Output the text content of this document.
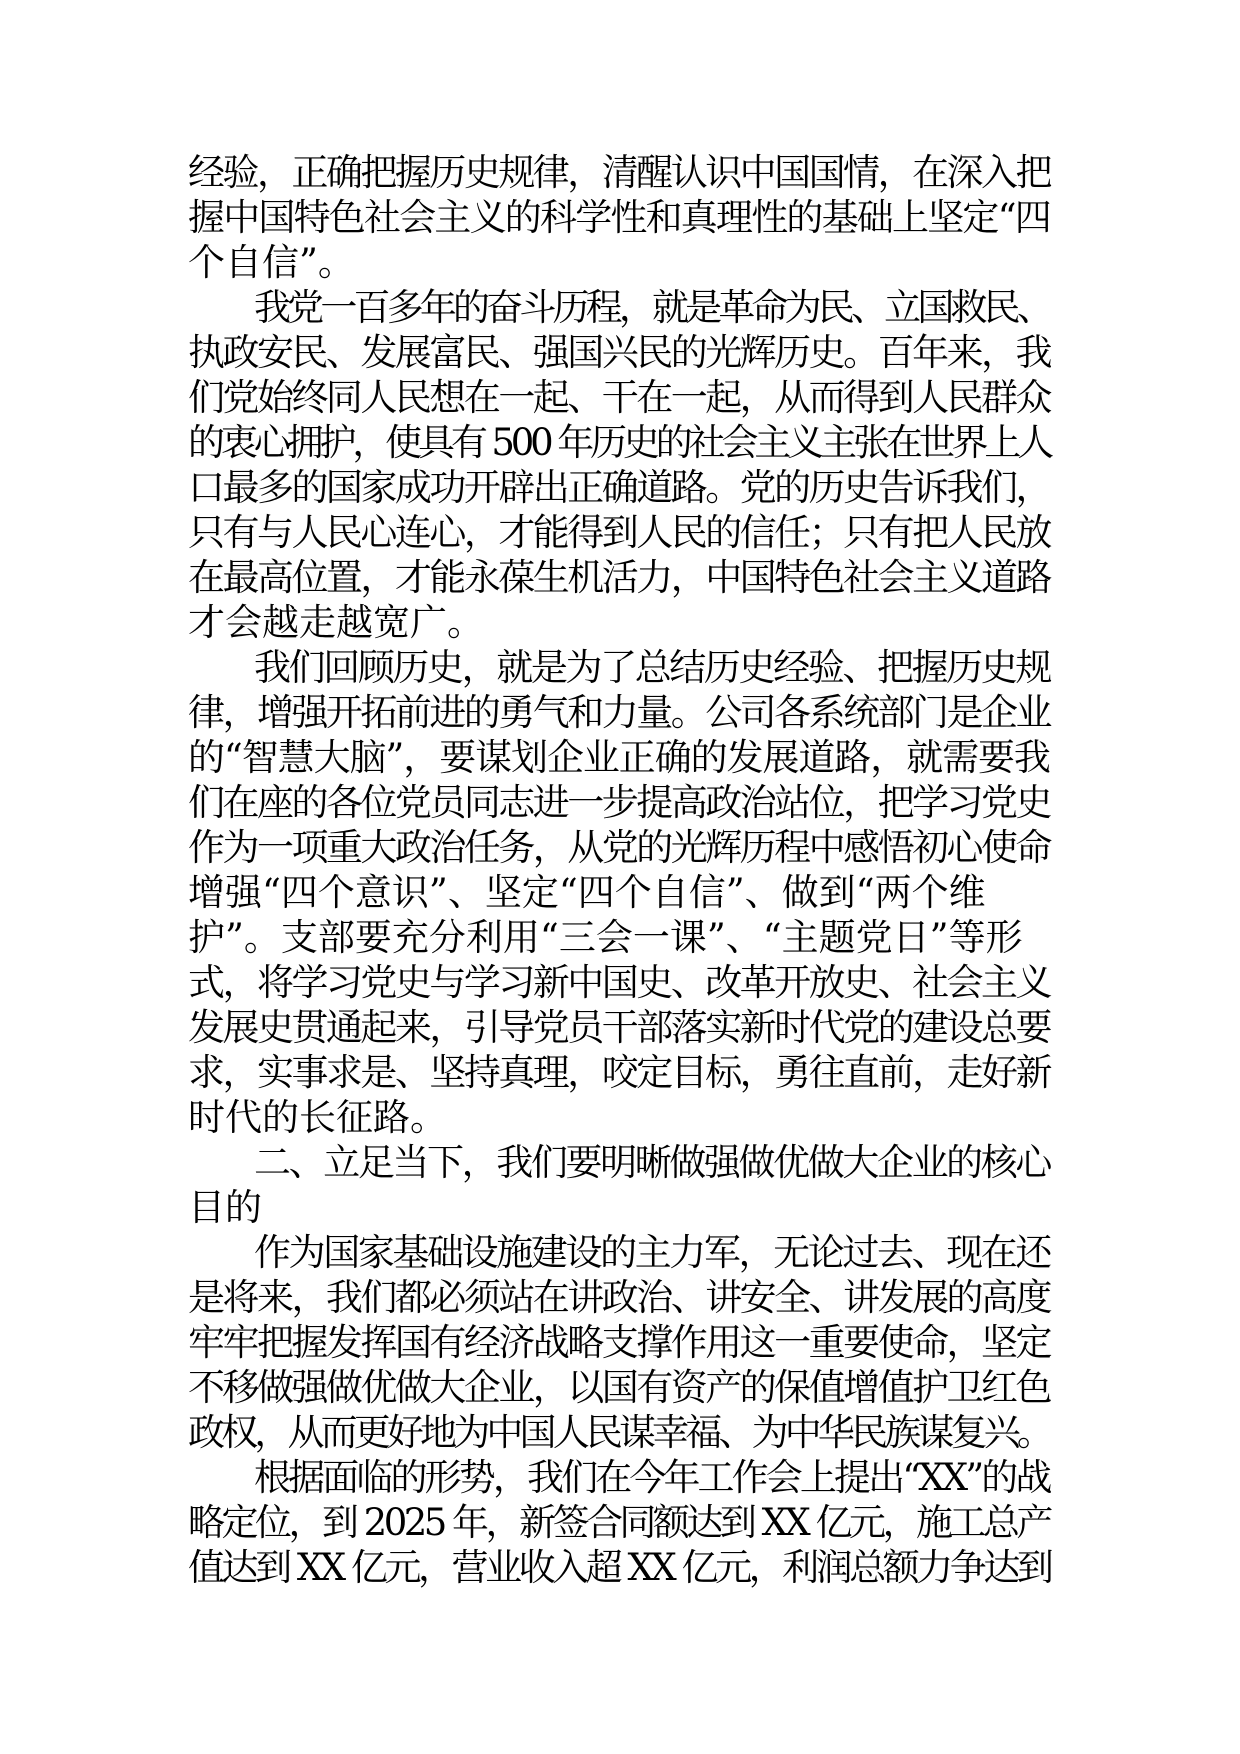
经验，正确把握历史规律，清醒认识中国国情，在深入把
握中国特色社会主义的科学性和真理性的基础上坚定“四
个自信”。
我党一百多年的奋斗历程，就是革命为民、立国救民、
执政安民、发展富民、强国兴民的光辉历史。百年来，我
们党始终同人民想在一起、干在一起，从而得到人民群众
的衷心拥护，使具有 500 年历史的社会主义主张在世界上人
口最多的国家成功开辟出正确道路。党的历史告诉我们，
只有与人民心连心，才能得到人民的信任；只有把人民放
在最高位置，才能永葆生机活力，中国特色社会主义道路
才会越走越宽广。
我们回顾历史，就是为了总结历史经验、把握历史规
律，增强开拓前进的勇气和力量。公司各系统部门是企业
的“智慧大脑”，要谋划企业正确的发展道路，就需要我
们在座的各位党员同志进一步提高政治站位，把学习党史
作为一项重大政治任务，从党的光辉历程中感悟初心使命
增强“四个意识”、坚定“四个自信”、做到“两个维
护”。支部要充分利用“三会一课”、“主题党日”等形
式，将学习党史与学习新中国史、改革开放史、社会主义
发展史贯通起来，引导党员干部落实新时代党的建设总要
求，实事求是、坚持真理，咬定目标，勇往直前，走好新
时代的长征路。
二、立足当下，我们要明晰做强做优做大企业的核心
目的
作为国家基础设施建设的主力军，无论过去、现在还
是将来，我们都必须站在讲政治、讲安全、讲发展的高度
牢牢把握发挥国有经济战略支撑作用这一重要使命，坚定
不移做强做优做大企业，以国有资产的保值增值护卫红色
政权，从而更好地为中国人民谋幸福、为中华民族谋复兴。
根据面临的形势，我们在今年工作会上提出“XX”的战
略定位，到 2025 年，新签合同额达到 XX 亿元，施工总产
值达到 XX 亿元，营业收入超 XX 亿元，利润总额力争达到
